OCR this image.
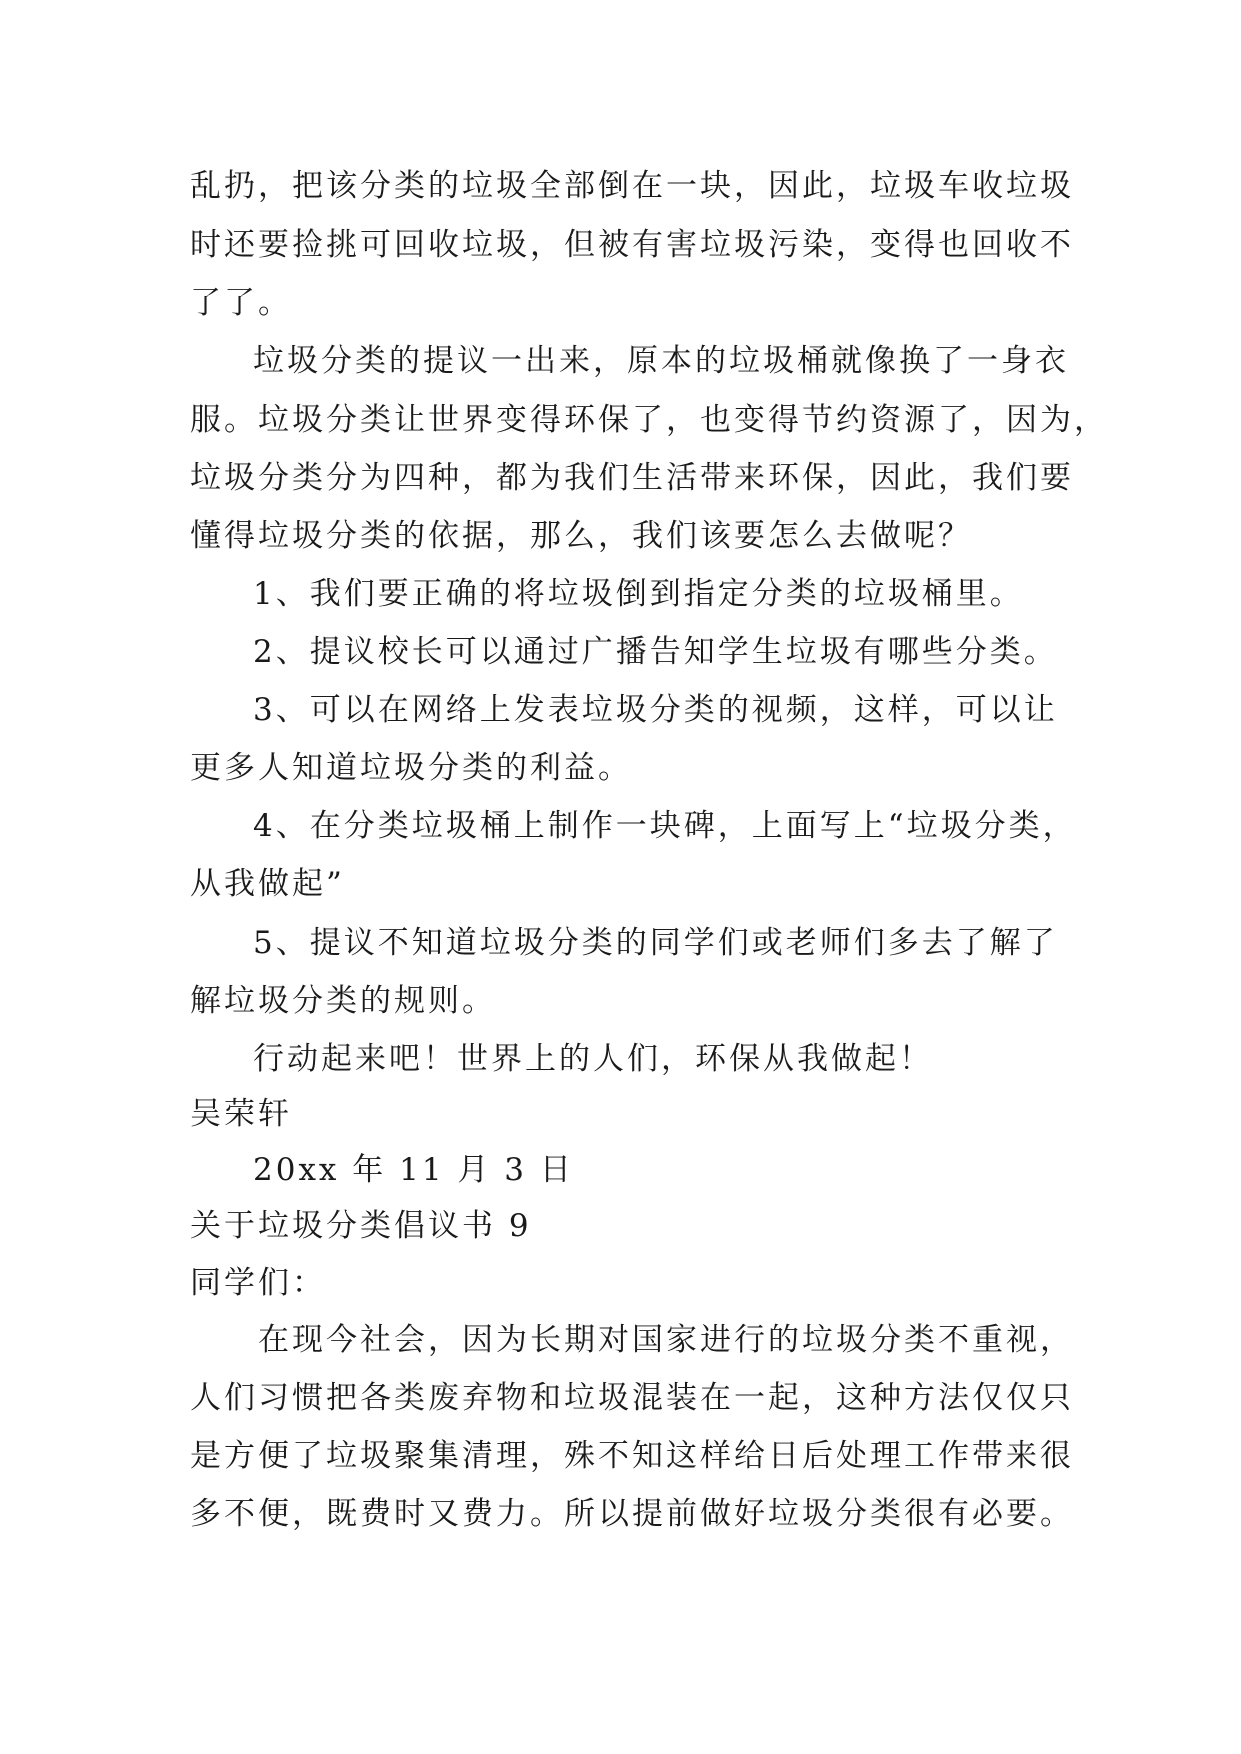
乱扔，把该分类的垃圾全部倒在一块，因此，垃圾车收垃圾
时还要捡挑可回收垃圾，但被有害垃圾污染，变得也回收不
了了。
垃圾分类的提议一出来，原本的垃圾桶就像换了一身衣
服。垃圾分类让世界变得环保了，也变得节约资源了，因为，
垃圾分类分为四种，都为我们生活带来环保，因此，我们要
懂得垃圾分类的依据，那么，我们该要怎么去做呢？
1、我们要正确的将垃圾倒到指定分类的垃圾桶里。
2、提议校长可以通过广播告知学生垃圾有哪些分类。
3、可以在网络上发表垃圾分类的视频，这样，可以让
更多人知道垃圾分类的利益。
4、在分类垃圾桶上制作一块碑，上面写上“垃圾分类，
从我做起”
5、提议不知道垃圾分类的同学们或老师们多去了解了
解垃圾分类的规则。
行动起来吧！世界上的人们，环保从我做起！
吴荣轩
20xx 年 11 月 3 日
关于垃圾分类倡议书 9
同学们：
在现今社会，因为长期对国家进行的垃圾分类不重视，
人们习惯把各类废弃物和垃圾混装在一起，这种方法仅仅只
是方便了垃圾聚集清理，殊不知这样给日后处理工作带来很
多不便，既费时又费力。所以提前做好垃圾分类很有必要。
